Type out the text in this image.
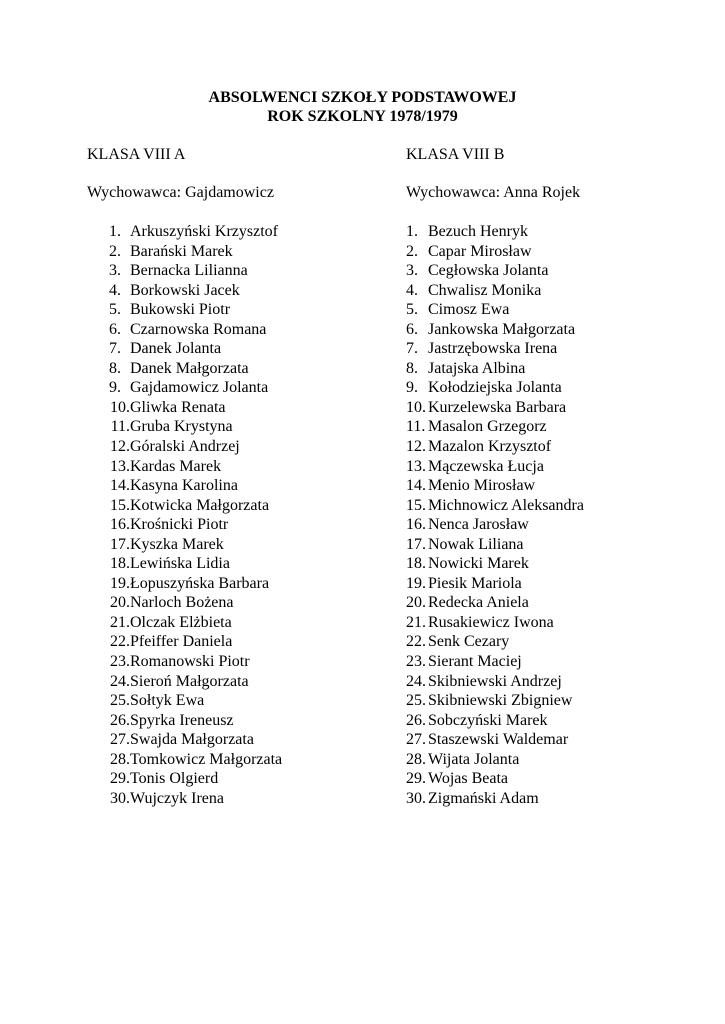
ABSOLWENCI SZKOŁY PODSTAWOWEJ
ROK SZKOLNY 1978/1979
KLASA VIII A
Wychowawca: Gajdamowicz
1. Arkuszyński Krzysztof
2. Barański Marek
3. Bernacka Lilianna
4. Borkowski Jacek
5. Bukowski Piotr
6. Czarnowska Romana
7. Danek Jolanta
8. Danek Małgorzata
9. Gajdamowicz Jolanta
10.Gliwka Renata
11.Gruba Krystyna
12.Góralski Andrzej
13.Kardas Marek
14.Kasyna Karolina
15.Kotwicka Małgorzata
16.Krośnicki Piotr
17.Kyszka Marek
18.Lewińska Lidia
19.Łopuszyńska Barbara
20.Narloch Bożena
21.Olczak Elżbieta
22.Pfeiffer Daniela
23.Romanowski Piotr
24.Sieroń Małgorzata
25.Sołtyk Ewa
26.Spyrka Ireneusz
27.Swajda Małgorzata
28.Tomkowicz Małgorzata
29.Tonis Olgierd
30.Wujczyk Irena
KLASA VIII B
Wychowawca: Anna Rojek
1. Bezuch Henryk
2. Capar Mirosław
3. Cegłowska Jolanta
4. Chwalisz Monika
5. Cimosz Ewa
6. Jankowska Małgorzata
7. Jastrzębowska Irena
8. Jatajska Albina
9. Kołodziejska Jolanta
10. Kurzelewska Barbara
11. Masalon Grzegorz
12. Mazalon Krzysztof
13. Mączewska Łucja
14. Menio Mirosław
15. Michnowicz Aleksandra
16. Nenca Jarosław
17. Nowak Liliana
18. Nowicki Marek
19. Piesik Mariola
20. Redecka Aniela
21. Rusakiewicz Iwona
22. Senk Cezary
23. Sierant Maciej
24. Skibniewski Andrzej
25. Skibniewski Zbigniew
26. Sobczyński Marek
27. Staszewski Waldemar
28. Wijata Jolanta
29. Wojas Beata
30. Zigmański Adam
